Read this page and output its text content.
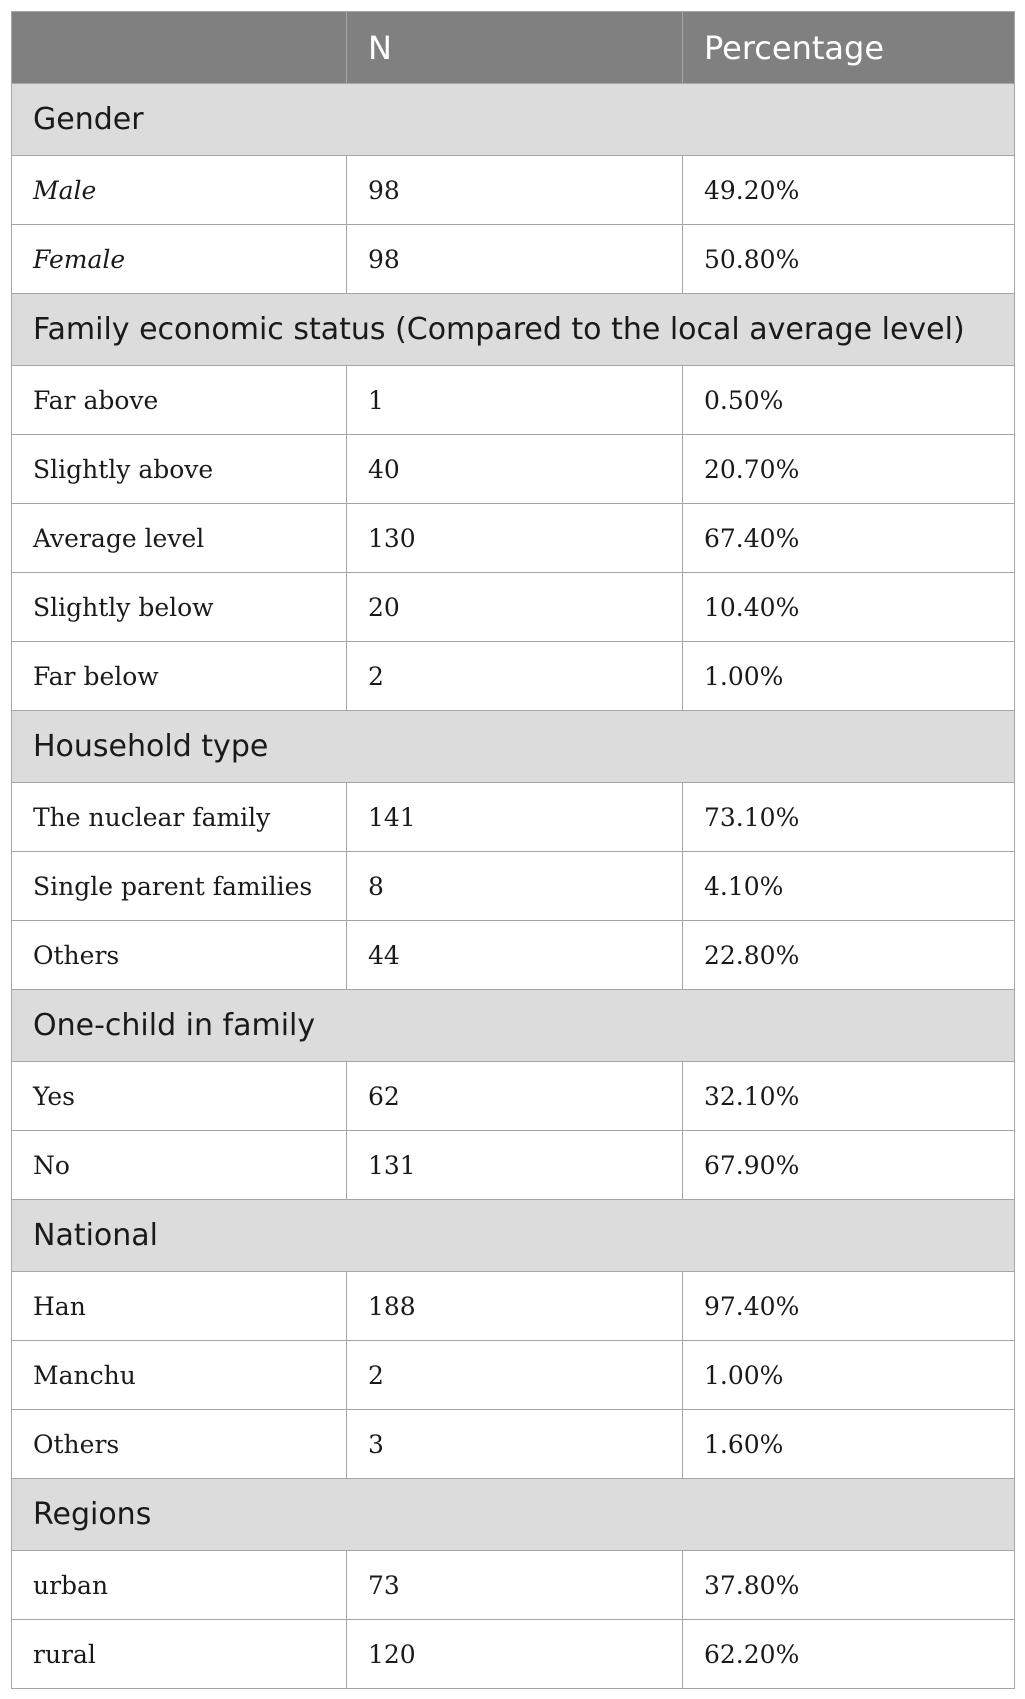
	N	Percentage
Gender		
Male	98	49.20%
Female	98	50.80%
Family economic status (Compared to the local average level)		
Far above	1	0.50%
Slightly above	40	20.70%
Average level	130	67.40%
Slightly below	20	10.40%
Far below	2	1.00%
Household type		
The nuclear family	141	73.10%
Single parent families	8	4.10%
Others	44	22.80%
One-child in family		
Yes	62	32.10%
No	131	67.90%
National		
Han	188	97.40%
Manchu	2	1.00%
Others	3	1.60%
Regions		
urban	73	37.80%
rural	120	62.20%
